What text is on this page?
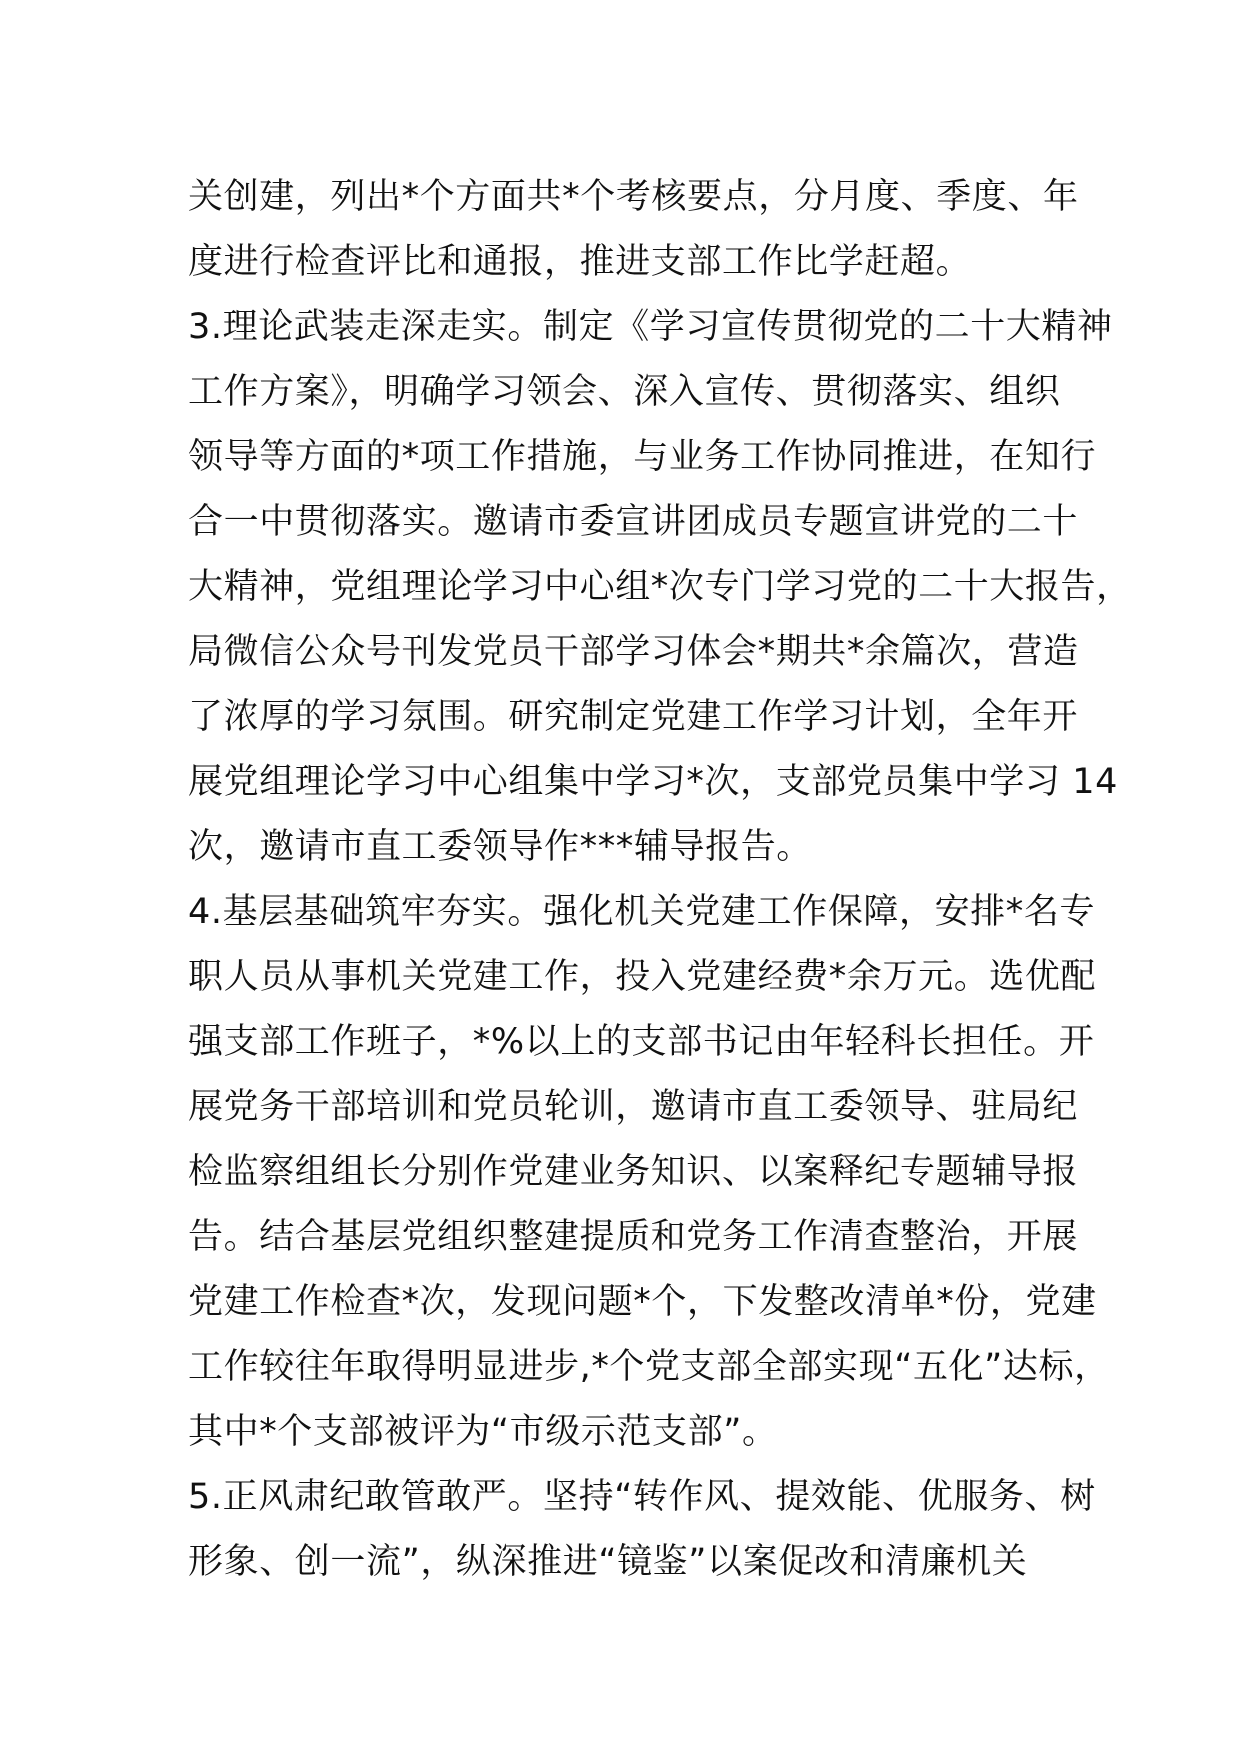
关创建，列出*个方面共*个考核要点，分月度、季度、年
度进行检查评比和通报，推进支部工作比学赶超。
3.理论武装走深走实。制定《学习宣传贯彻党的二十大精神
工作方案》，明确学习领会、深入宣传、贯彻落实、组织
领导等方面的*项工作措施，与业务工作协同推进，在知行
合一中贯彻落实。邀请市委宣讲团成员专题宣讲党的二十
大精神，党组理论学习中心组*次专门学习党的二十大报告，
局微信公众号刊发党员干部学习体会*期共*余篇次，营造
了浓厚的学习氛围。研究制定党建工作学习计划，全年开
展党组理论学习中心组集中学习*次，支部党员集中学习 14
次，邀请市直工委领导作***辅导报告。
4.基层基础筑牢夯实。强化机关党建工作保障，安排*名专
职人员从事机关党建工作，投入党建经费*余万元。选优配
强支部工作班子，*%以上的支部书记由年轻科长担任。开
展党务干部培训和党员轮训，邀请市直工委领导、驻局纪
检监察组组长分别作党建业务知识、以案释纪专题辅导报
告。结合基层党组织整建提质和党务工作清查整治，开展
党建工作检查*次，发现问题*个，下发整改清单*份，党建
工作较往年取得明显进步,*个党支部全部实现“五化”达标，
其中*个支部被评为“市级示范支部”。
5.正风肃纪敢管敢严。坚持“转作风、提效能、优服务、树
形象、创一流”，纵深推进“镜鉴”以案促改和清廉机关
